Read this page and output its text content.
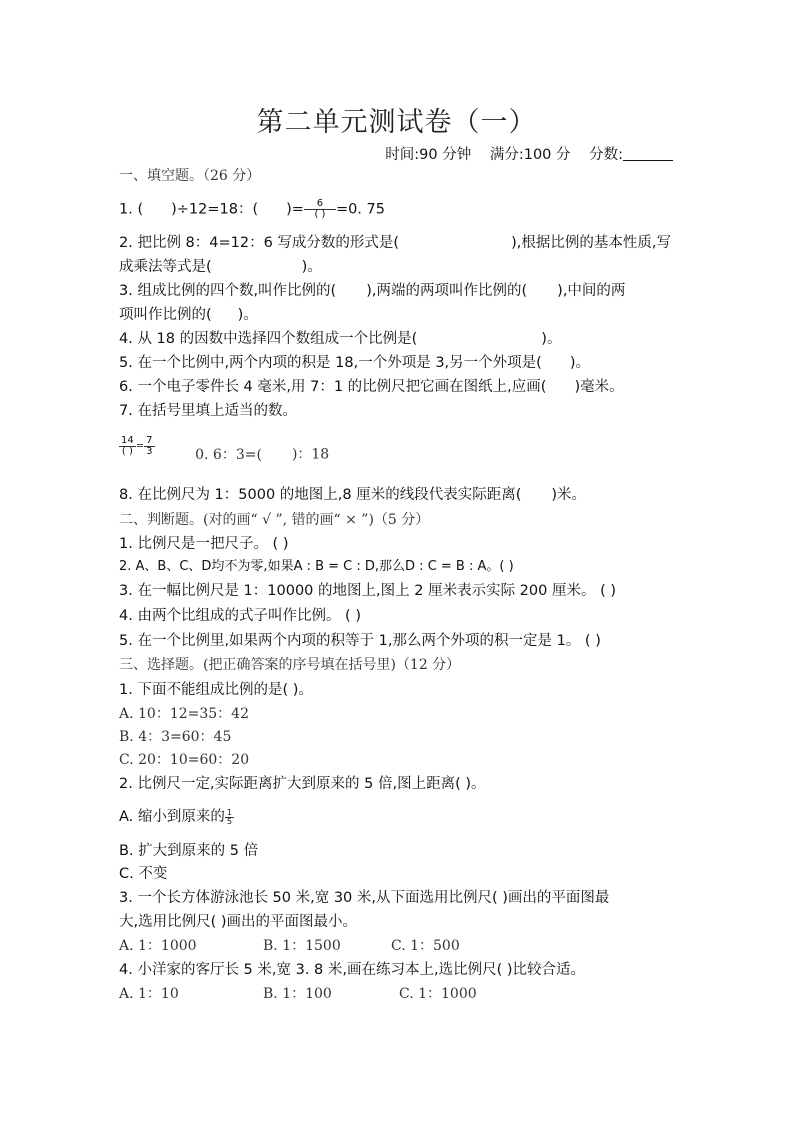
第二单元测试卷（一）
时间:90 分钟 满分:100 分 分数:
一、填空题。（26 分）
1. ( )÷12=18：( )= $\frac{6}{( )} =0$. 75
2. 把比例 8：4=12：6 写成分数的形式是(	),根据比例的基本性质,写
成乘法等式是(	)。
3. 组成比例的四个数,叫作比例的( ),两端的两项叫作比例的( ),中间的两
项叫作比例的( )。
4. 从 18 的因数中选择四个数组成一个比例是(	)。
5. 在一个比例中,两个内项的积是 18,一个外项是 3,另一个外项是( )。
6. 一个电子零件长 4 毫米,用 7：1 的比例尺把它画在图纸上,应画( )毫米。
7. 在括号里填上适当的数。
$\frac{14}{( )} = \frac{7}{3}$	0. 6：3=( )：18
8. 在比例尺为 1：5000 的地图上,8 厘米的线段代表实际距离( )米。
二、判断题。(对的画“ √ ”, 错的画“ × ”)（5 分）
1. 比例尺是一把尺子。 ( )
2. A、B、C、D均不为零,如果A : B = C : D,那么D : C = B : A。( )
3. 在一幅比例尺是 1：10000 的地图上,图上 2 厘米表示实际 200 厘米。 ( )
4. 由两个比组成的式子叫作比例。 ( )
5. 在一个比例里,如果两个内项的积等于 1,那么两个外项的积一定是 1。 ( )
三、选择题。(把正确答案的序号填在括号里)（12 分）
1. 下面不能组成比例的是( )。
A. 10：12=35：42
B. 4：3=60：45
C. 20：10=60：20
2. 比例尺一定,实际距离扩大到原来的 5 倍,图上距离( )。
A. 缩小到原来的 $\frac{1}{5}$
B. 扩大到原来的 5 倍
C. 不变
3. 一个长方体游泳池长 50 米,宽 30 米,从下面选用比例尺( )画出的平面图最
大,选用比例尺( )画出的平面图最小。
A. 1：1000	B. 1：1500	C. 1：500
4. 小洋家的客厅长 5 米,宽 3. 8 米,画在练习本上,选比例尺( )比较合适。
A. 1：10	B. 1：100	C. 1：1000
